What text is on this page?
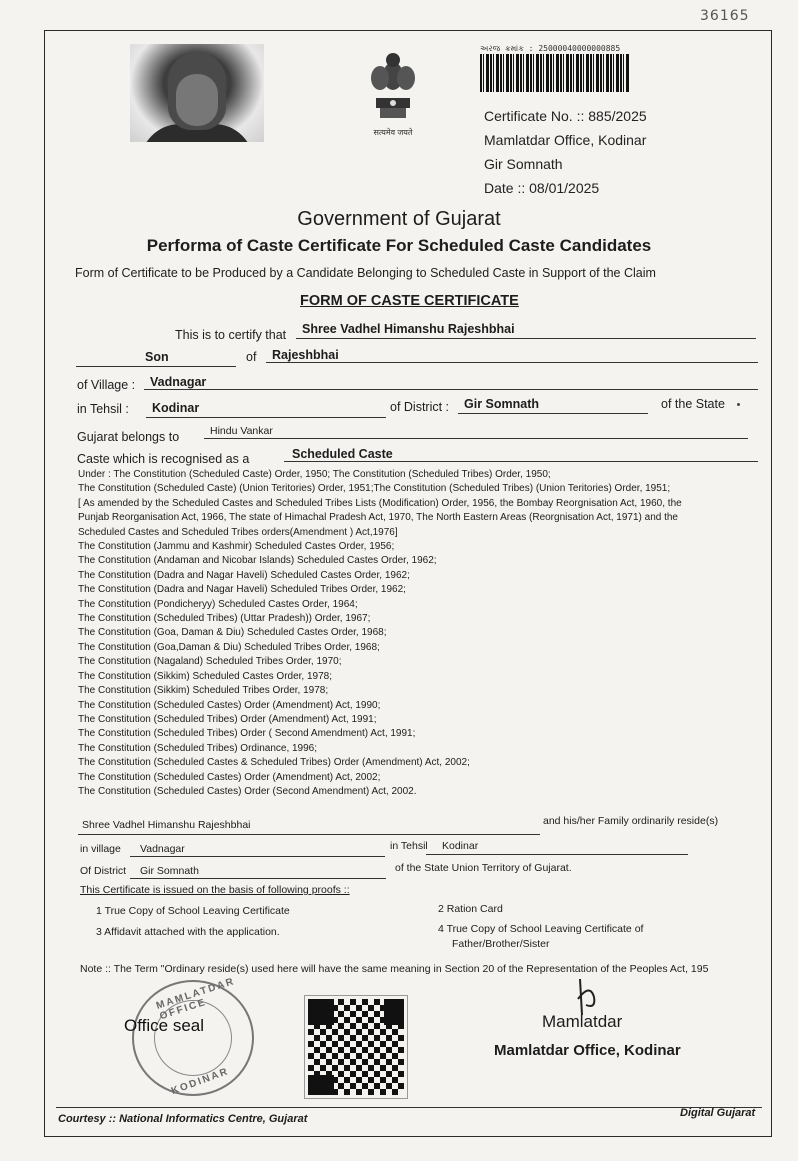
36165
सत्यमेव जयते
અરજ ક્રમાંક : 25000040000000885
Certificate No. :: 885/2025
Mamlatdar Office, Kodinar
Gir Somnath
Date :: 08/01/2025
Government of Gujarat
Performa of Caste Certificate For Scheduled Caste Candidates
Form of Certificate to be Produced by a Candidate Belonging to Scheduled Caste in Support of the Claim
FORM OF CASTE CERTIFICATE
This is to certify that Shree Vadhel Himanshu Rajeshbhai
Son	of Rajeshbhai
of Village : Vadnagar
in Tehsil : Kodinar	of District : Gir Somnath	of the State
Gujarat belongs to	Hindu Vankar
Caste which is recognised as a	Scheduled Caste
Under : The Constitution (Scheduled Caste) Order, 1950; The Constitution (Scheduled Tribes) Order, 1950;
The Constitution (Scheduled Caste) (Union Teritories) Order, 1951;The Constitution (Scheduled Tribes) (Union Teritories) Order, 1951;
[ As amended by the Scheduled Castes and Scheduled Tribes Lists (Modification) Order, 1956, the Bombay Reorgnisation Act, 1960, the
Punjab Reorganisation Act, 1966, The state of Himachal Pradesh Act, 1970, The North Eastern Areas (Reorgnisation Act, 1971) and the
Scheduled Castes and Scheduled Tribes orders(Amendment ) Act,1976]
The Constitution (Jammu and Kashmir) Scheduled Castes Order, 1956;
The Constitution (Andaman and Nicobar Islands) Scheduled Castes Order, 1962;
The Constitution (Dadra and Nagar Haveli) Scheduled Castes Order, 1962;
The Constitution (Dadra and Nagar Haveli) Scheduled Tribes Order, 1962;
The Constitution (Pondicheryy) Scheduled Castes Order, 1964;
The Constitution (Scheduled Tribes) (Uttar Pradesh)) Order, 1967;
The Constitution (Goa, Daman & Diu) Scheduled Castes Order, 1968;
The Constitution (Goa,Daman & Diu) Scheduled Tribes Order, 1968;
The Constitution (Nagaland) Scheduled Tribes Order, 1970;
The Constitution (Sikkim) Scheduled Castes Order, 1978;
The Constitution (Sikkim) Scheduled Tribes Order, 1978;
The Constitution (Scheduled Castes) Order (Amendment) Act, 1990;
The Constitution (Scheduled Tribes) Order (Amendment) Act, 1991;
The Constitution (Scheduled Tribes) Order ( Second Amendment) Act, 1991;
The Constitution (Scheduled Tribes) Ordinance, 1996;
The Constitution (Scheduled Castes & Scheduled Tribes) Order (Amendment) Act, 2002;
The Constitution (Scheduled Castes) Order (Amendment) Act, 2002;
The Constitution (Scheduled Castes) Order (Second Amendment) Act, 2002.
Shree Vadhel Himanshu Rajeshbhai	and his/her Family ordinarily reside(s)
in village Vadnagar	in Tehsil Kodinar
Of District Gir Somnath	of the State Union Territory of Gujarat.
This Certificate is issued on the basis of following proofs ::
1 True Copy of School Leaving Certificate	2 Ration Card
3 Affidavit attached with the application.	4 True Copy of School Leaving Certificate of
Father/Brother/Sister
Note :: The Term "Ordinary reside(s) used here will have the same meaning in Section 20 of the Representation of the Peoples Act, 195
MAMLATDAR OFFICE
KODINAR
Office seal	Mamlatdar
Mamlatdar Office, Kodinar
Courtesy :: National Informatics Centre, Gujarat	Digital Gujarat
